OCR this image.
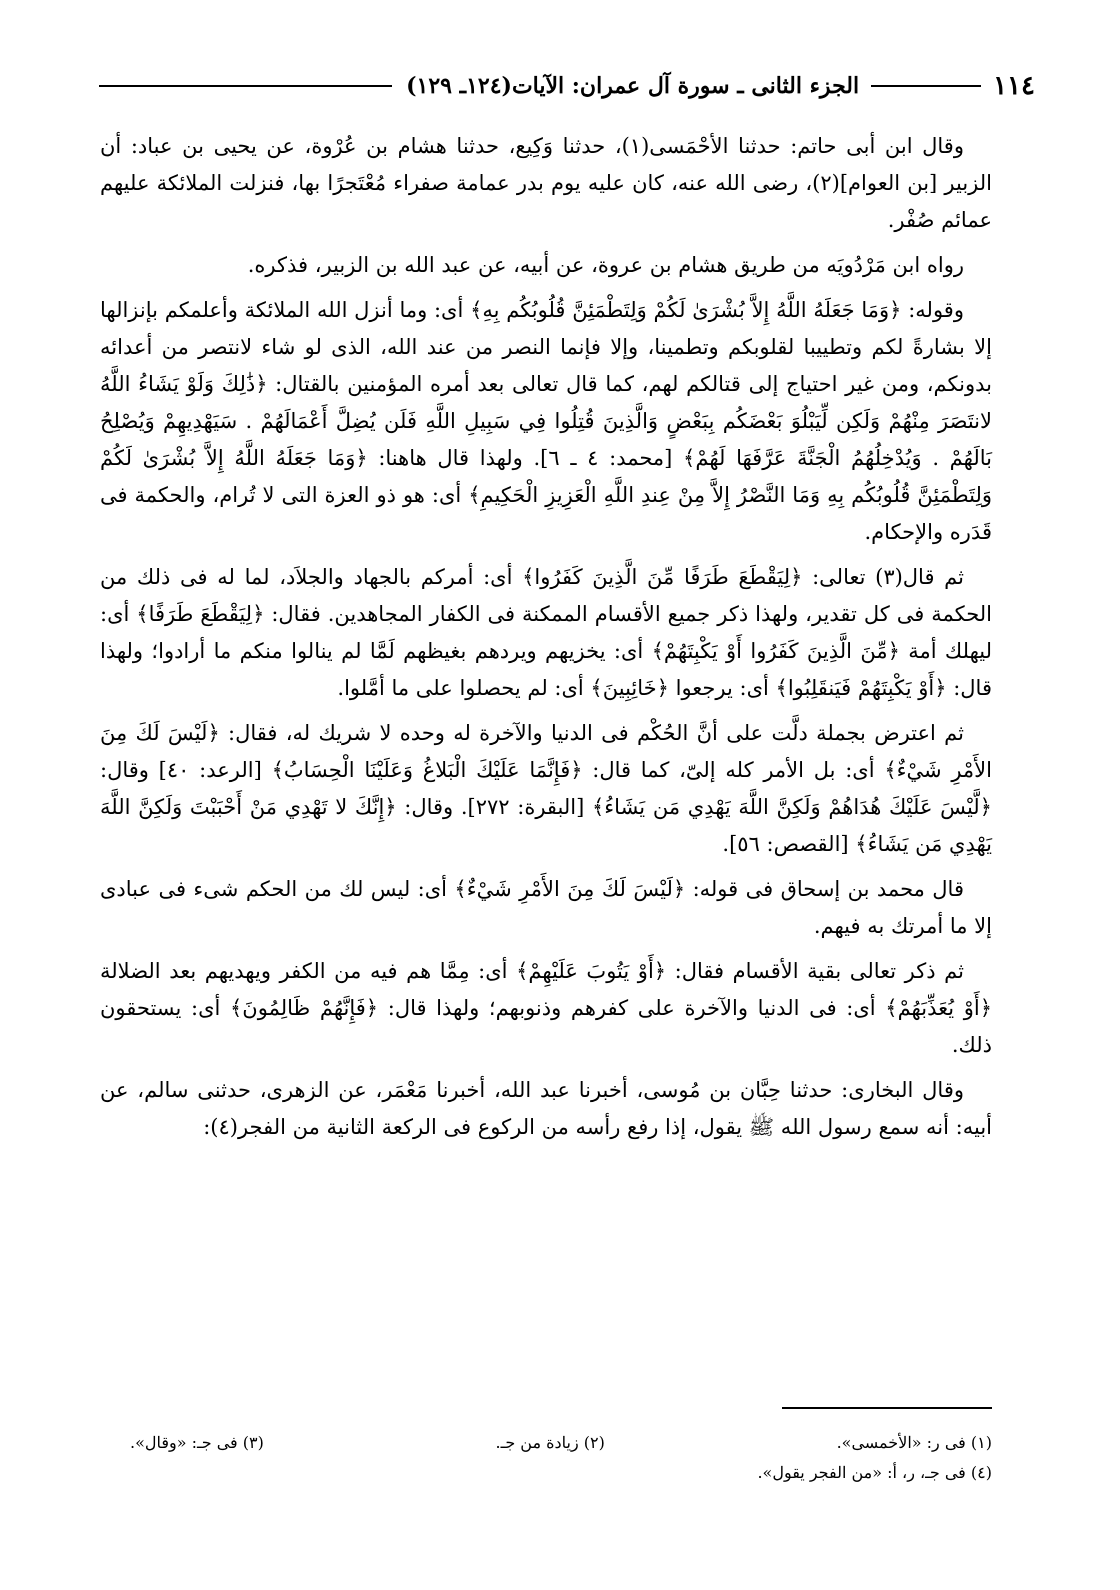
١١٤
الجزء الثانى ـ سورة آل عمران: الآيات(١٢٤ـ ١٢٩)

وقال ابن أبى حاتم: حدثنا الأحْمَسى(١)، حدثنا وَكِيع، حدثنا هشام بن عُرْوة، عن يحيى بن عباد: أن الزبير [بن العوام](٢)، رضى الله عنه، كان عليه يوم بدر عمامة صفراء مُعْتَجرًا بها، فنزلت الملائكة عليهم عمائم صُفْر.

رواه ابن مَرْدُويَه من طريق هشام بن عروة، عن أبيه، عن عبد الله بن الزبير، فذكره.

وقوله: ﴿وَمَا جَعَلَهُ اللَّهُ إِلاَّ بُشْرَىٰ لَكُمْ وَلِتَطْمَئِنَّ قُلُوبُكُم بِهِ﴾ أى: وما أنزل الله الملائكة وأعلمكم بإنزالها إلا بشارةً لكم وتطييبا لقلوبكم وتطمينا، وإلا فإنما النصر من عند الله، الذى لو شاء لانتصر من أعدائه بدونكم، ومن غير احتياج إلى قتالكم لهم، كما قال تعالى بعد أمره المؤمنين بالقتال: ﴿ذَٰلِكَ وَلَوْ يَشَاءُ اللَّهُ لانتَصَرَ مِنْهُمْ وَلَكِن لِّيَبْلُوَ بَعْضَكُم بِبَعْضٍ وَالَّذِينَ قُتِلُوا فِي سَبِيلِ اللَّهِ فَلَن يُضِلَّ أَعْمَالَهُمْ . سَيَهْدِيهِمْ وَيُصْلِحُ بَالَهُمْ . وَيُدْخِلُهُمُ الْجَنَّةَ عَرَّفَهَا لَهُمْ﴾ [محمد: ٤ ـ ٦]. ولهذا قال هاهنا: ﴿وَمَا جَعَلَهُ اللَّهُ إِلاَّ بُشْرَىٰ لَكُمْ وَلِتَطْمَئِنَّ قُلُوبُكُم بِهِ وَمَا النَّصْرُ إِلاَّ مِنْ عِندِ اللَّهِ الْعَزِيزِ الْحَكِيمِ﴾ أى: هو ذو العزة التى لا تُرام، والحكمة فى قَدَره والإحكام.

ثم قال(٣) تعالى: ﴿لِيَقْطَعَ طَرَفًا مِّنَ الَّذِينَ كَفَرُوا﴾ أى: أمركم بالجهاد والجلاَد، لما له فى ذلك من الحكمة فى كل تقدير، ولهذا ذكر جميع الأقسام الممكنة فى الكفار المجاهدين. فقال: ﴿لِيَقْطَعَ طَرَفًا﴾ أى: ليهلك أمة ﴿مِّنَ الَّذِينَ كَفَرُوا أَوْ يَكْبِتَهُمْ﴾ أى: يخزيهم ويردهم بغيظهم لَمَّا لم ينالوا منكم ما أرادوا؛ ولهذا قال: ﴿أَوْ يَكْبِتَهُمْ فَيَنقَلِبُوا﴾ أى: يرجعوا ﴿خَائِبِينَ﴾ أى: لم يحصلوا على ما أمَّلوا.

ثم اعترض بجملة دلَّت على أنَّ الحُكْم فى الدنيا والآخرة له وحده لا شريك له، فقال: ﴿لَيْسَ لَكَ مِنَ الأَمْرِ شَيْءٌ﴾ أى: بل الأمر كله إلىّ، كما قال: ﴿فَإِنَّمَا عَلَيْكَ الْبَلاغُ وَعَلَيْنَا الْحِسَابُ﴾ [الرعد: ٤٠] وقال: ﴿لَّيْسَ عَلَيْكَ هُدَاهُمْ وَلَكِنَّ اللَّهَ يَهْدِي مَن يَشَاءُ﴾ [البقرة: ٢٧٢]. وقال: ﴿إِنَّكَ لا تَهْدِي مَنْ أَحْبَبْتَ وَلَكِنَّ اللَّهَ يَهْدِي مَن يَشَاءُ﴾ [القصص: ٥٦].

قال محمد بن إسحاق فى قوله: ﴿لَيْسَ لَكَ مِنَ الأَمْرِ شَيْءٌ﴾ أى: ليس لك من الحكم شىء فى عبادى إلا ما أمرتك به فيهم.

ثم ذكر تعالى بقية الأقسام فقال: ﴿أَوْ يَتُوبَ عَلَيْهِمْ﴾ أى: مِمَّا هم فيه من الكفر ويهديهم بعد الضلالة ﴿أَوْ يُعَذِّبَهُمْ﴾ أى: فى الدنيا والآخرة على كفرهم وذنوبهم؛ ولهذا قال: ﴿فَإِنَّهُمْ ظَالِمُونَ﴾ أى: يستحقون ذلك.

وقال البخارى: حدثنا حِبَّان بن مُوسى، أخبرنا عبد الله، أخبرنا مَعْمَر، عن الزهرى، حدثنى سالم، عن أبيه: أنه سمع رسول الله ﷺ يقول، إذا رفع رأسه من الركوع فى الركعة الثانية من الفجر(٤):

(١) فى ر: «الأخمسى».
(٢) زيادة من جـ.
(٣) فى جـ: «وقال».
(٤) فى جـ، ر، أ: «من الفجر يقول».
